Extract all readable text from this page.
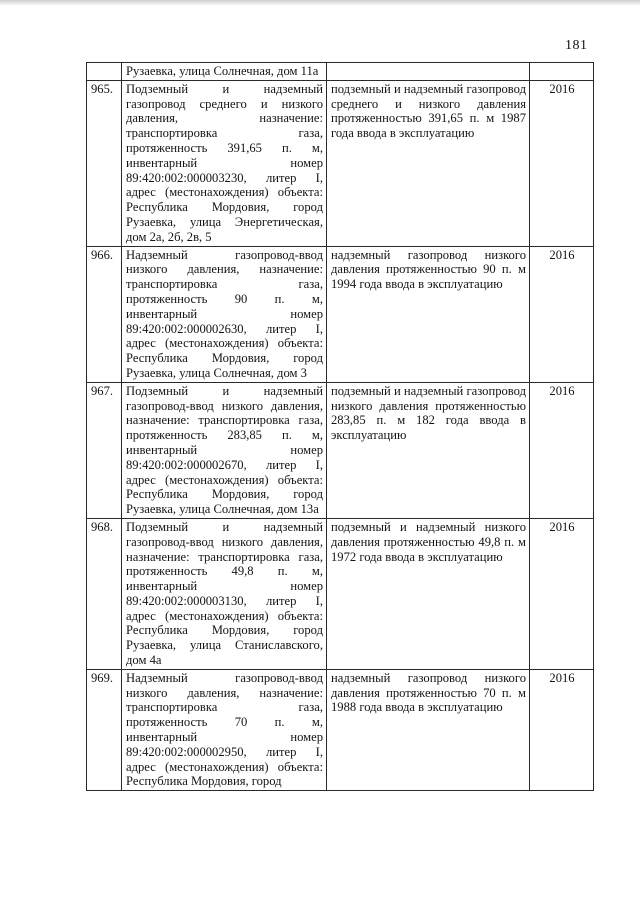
181
	Рузаевка, улица Солнечная, дом 11а		
965.	Подземный и надземный газопровод среднего и низкого давления, назначение: транспортировка газа, протяженность 391,65 п. м, инвентарный номер 89:420:002:000003230, литер I, адрес (местонахождения) объекта: Республика Мордовия, город Рузаевка, улица Энергетическая, дом 2а, 2б, 2в, 5	подземный и надземный газопровод среднего и низкого давления протяженностью 391,65 п. м 1987 года ввода в эксплуатацию	2016
966.	Надземный газопровод-ввод низкого давления, назначение: транспортировка газа, протяженность 90 п. м, инвентарный номер 89:420:002:000002630, литер I, адрес (местонахождения) объекта: Республика Мордовия, город Рузаевка, улица Солнечная, дом 3	надземный газопровод низкого давления протяженностью 90 п. м 1994 года ввода в эксплуатацию	2016
967.	Подземный и надземный газопровод-ввод низкого давления, назначение: транспортировка газа, протяженность 283,85 п. м, инвентарный номер 89:420:002:000002670, литер I, адрес (местонахождения) объекта: Республика Мордовия, город Рузаевка, улица Солнечная, дом 13а	подземный и надземный газопровод низкого давления протяженностью 283,85 п. м 182 года ввода в эксплуатацию	2016
968.	Подземный и надземный газопровод-ввод низкого давления, назначение: транспортировка газа, протяженность 49,8 п. м, инвентарный номер 89:420:002:000003130, литер I, адрес (местонахождения) объекта: Республика Мордовия, город Рузаевка, улица Станиславского, дом 4а	подземный и надземный низкого давления протяженностью 49,8 п. м 1972 года ввода в эксплуатацию	2016
969.	Надземный газопровод-ввод низкого давления, назначение: транспортировка газа, протяженность 70 п. м, инвентарный номер 89:420:002:000002950, литер I, адрес (местонахождения) объекта: Республика Мордовия, город	надземный газопровод низкого давления протяженностью 70 п. м 1988 года ввода в эксплуатацию	2016
